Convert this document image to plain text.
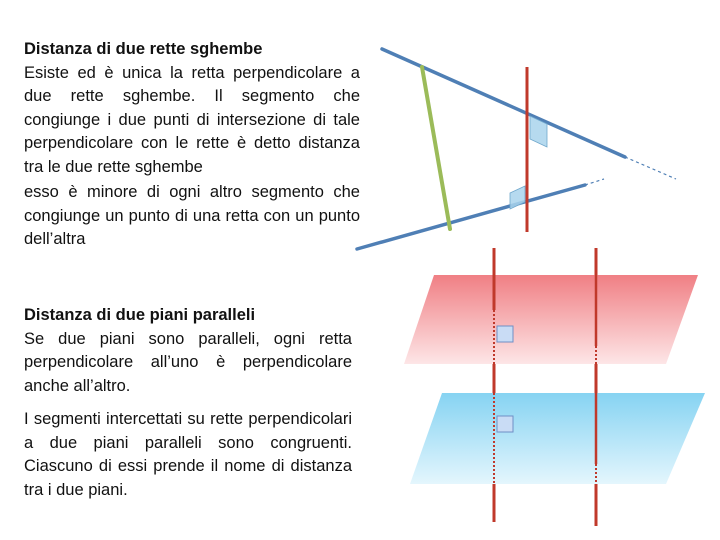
Distanza di due rette sghembe

Esiste ed è unica la retta perpendicolare a due rette sghembe. Il segmento che congiunge i due punti di intersezione di tale perpendicolare con le rette è detto distanza tra le due rette sghembe

esso è minore di ogni altro segmento che congiunge un punto di una retta con un punto dell’altra

Distanza di due piani paralleli

Se due piani sono paralleli, ogni retta perpendicolare all’uno è perpendicolare anche all’altro.

I segmenti intercettati su rette perpendicolari a due piani paralleli sono congruenti. Ciascuno di essi prende il nome di distanza tra i due piani.
